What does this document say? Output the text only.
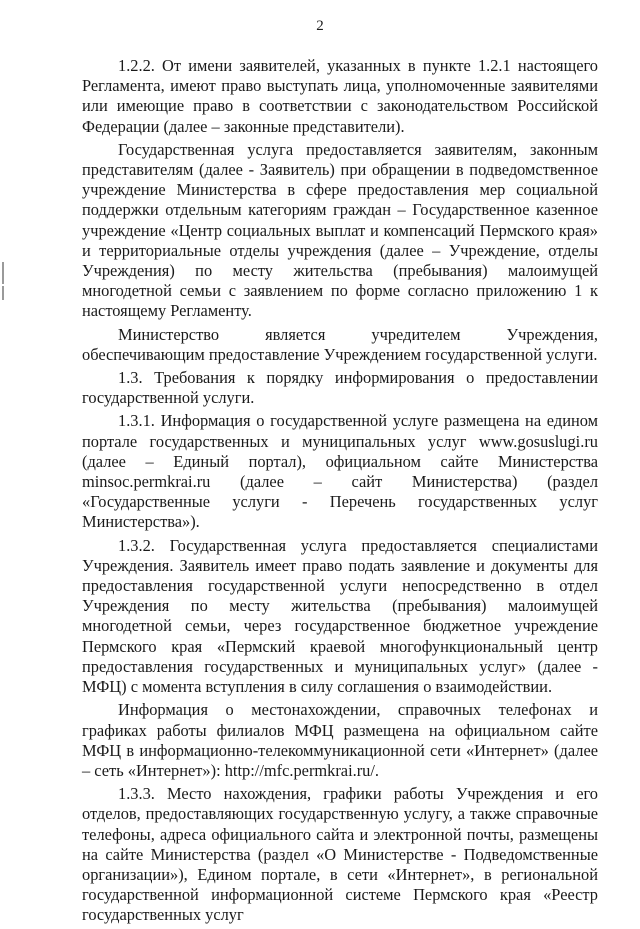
2

1.2.2. От имени заявителей, указанных в пункте 1.2.1 настоящего Регламента, имеют право выступать лица, уполномоченные заявителями или имеющие право в соответствии с законодательством Российской Федерации (далее – законные представители).

Государственная услуга предоставляется заявителям, законным представителям (далее - Заявитель) при обращении в подведомственное учреждение Министерства в сфере предоставления мер социальной поддержки отдельным категориям граждан – Государственное казенное учреждение «Центр социальных выплат и компенсаций Пермского края» и территориальные отделы учреждения (далее – Учреждение, отделы Учреждения) по месту жительства (пребывания) малоимущей многодетной семьи с заявлением по форме согласно приложению 1 к настоящему Регламенту.

Министерство является учредителем Учреждения, обеспечивающим предоставление Учреждением государственной услуги.

1.3. Требования к порядку информирования о предоставлении государственной услуги.

1.3.1. Информация о государственной услуге размещена на едином портале государственных и муниципальных услуг www.gosuslugi.ru (далее – Единый портал), официальном сайте Министерства minsoc.permkrai.ru (далее – сайт Министерства) (раздел «Государственные услуги - Перечень государственных услуг Министерства»).

1.3.2. Государственная услуга предоставляется специалистами Учреждения. Заявитель имеет право подать заявление и документы для предоставления государственной услуги непосредственно в отдел Учреждения по месту жительства (пребывания) малоимущей многодетной семьи, через государственное бюджетное учреждение Пермского края «Пермский краевой многофункциональный центр предоставления государственных и муниципальных услуг» (далее - МФЦ) с момента вступления в силу соглашения о взаимодействии.

Информация о местонахождении, справочных телефонах и графиках работы филиалов МФЦ размещена на официальном сайте МФЦ в информационно-телекоммуникационной сети «Интернет» (далее – сеть «Интернет»): http://mfc.permkrai.ru/.

1.3.3. Место нахождения, графики работы Учреждения и его отделов, предоставляющих государственную услугу, а также справочные телефоны, адреса официального сайта и электронной почты, размещены на сайте Министерства (раздел «О Министерстве - Подведомственные организации»), Едином портале, в сети «Интернет», в региональной государственной информационной системе Пермского края «Реестр государственных услуг
